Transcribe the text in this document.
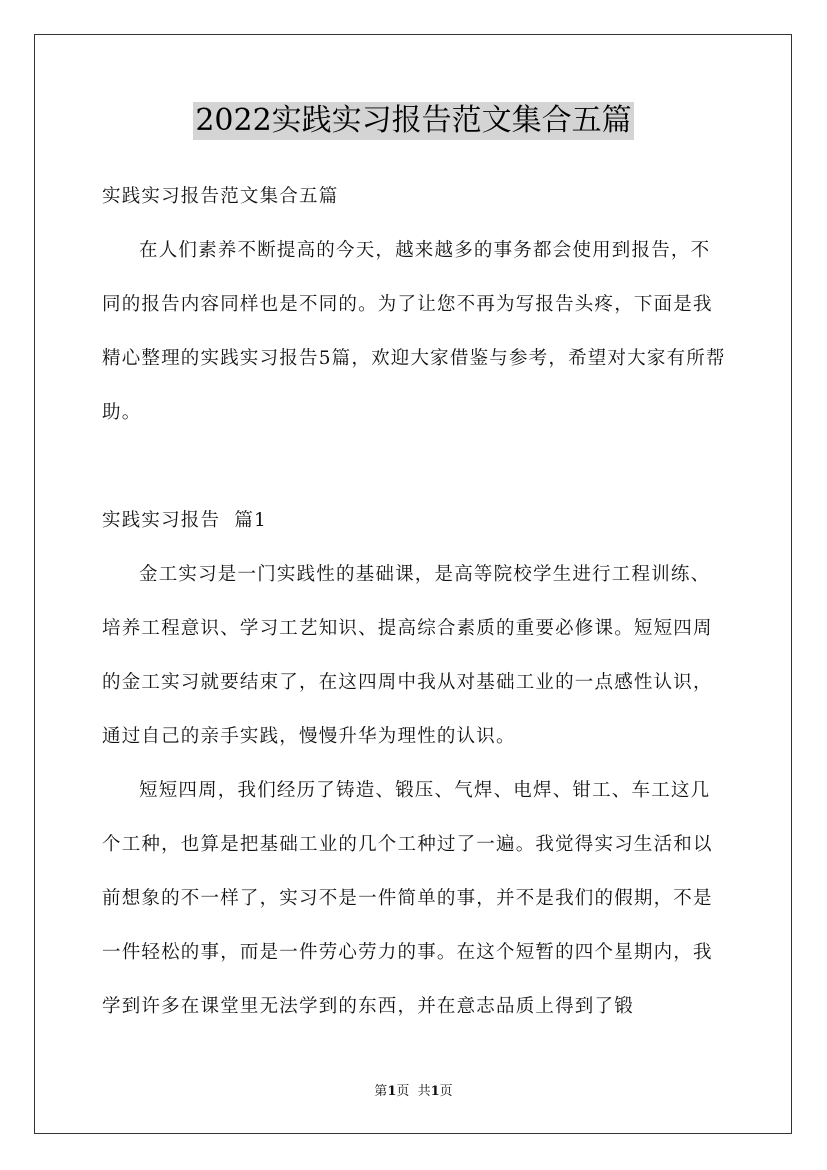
2022实践实习报告范文集合五篇

实践实习报告范文集合五篇

在人们素养不断提高的今天，越来越多的事务都会使用到报告，不同的报告内容同样也是不同的。为了让您不再为写报告头疼，下面是我精心整理的实践实习报告5篇，欢迎大家借鉴与参考，希望对大家有所帮助。

实践实习报告  篇1

金工实习是一门实践性的基础课，是高等院校学生进行工程训练、培养工程意识、学习工艺知识、提高综合素质的重要必修课。短短四周的金工实习就要结束了，在这四周中我从对基础工业的一点感性认识，通过自己的亲手实践，慢慢升华为理性的认识。

短短四周，我们经历了铸造、锻压、气焊、电焊、钳工、车工这几个工种，也算是把基础工业的几个工种过了一遍。我觉得实习生活和以前想象的不一样了，实习不是一件简单的事，并不是我们的假期，不是一件轻松的事，而是一件劳心劳力的事。在这个短暂的四个星期内，我学到许多在课堂里无法学到的东西，并在意志品质上得到了锻

第1页  共1页
